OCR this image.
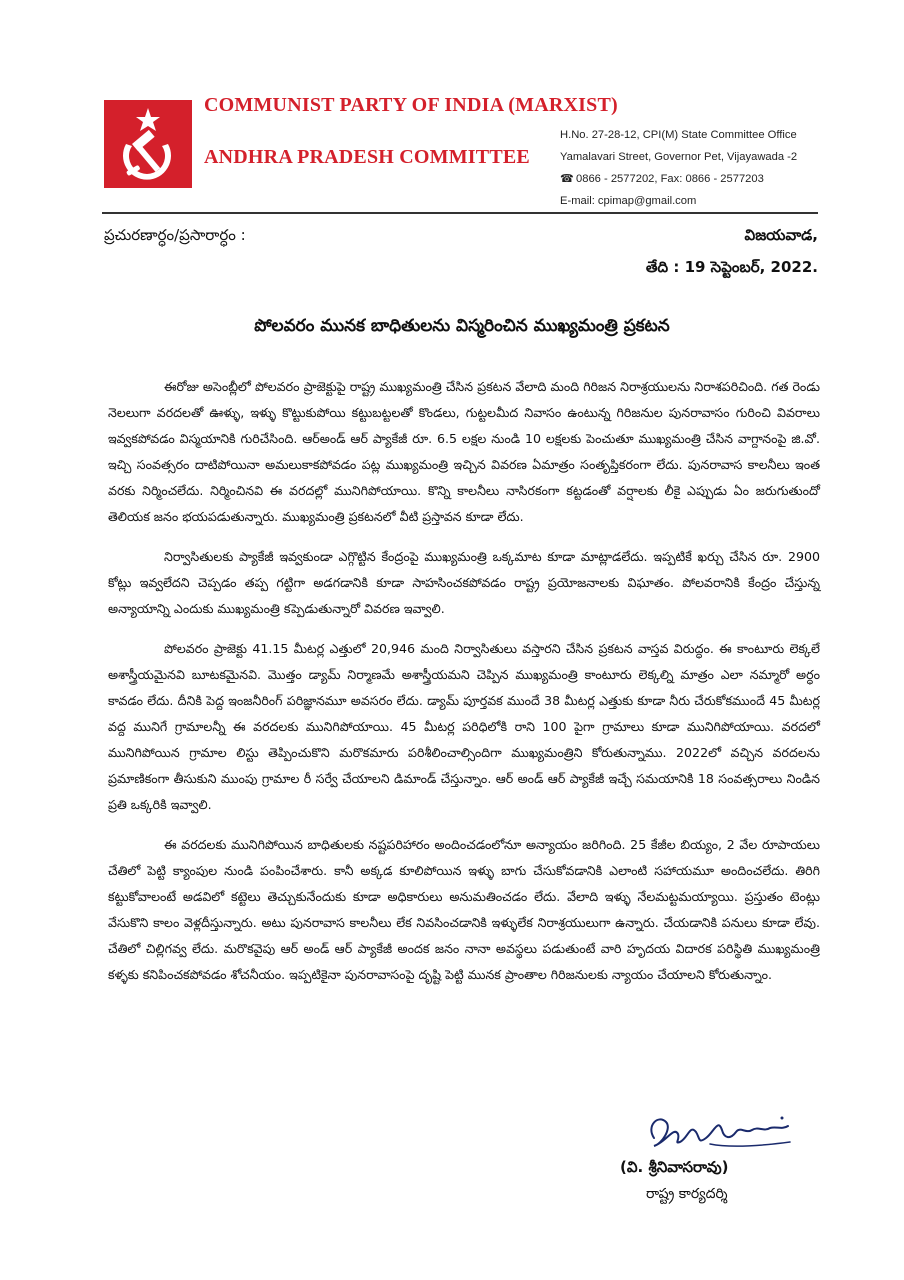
COMMUNIST PARTY OF INDIA (MARXIST)
ANDHRA PRADESH COMMITTEE
H.No. 27-28-12, CPI(M) State Committee Office
Yamalavari Street, Governor Pet, Vijayawada -2
☎ 0866 - 2577202, Fax: 0866 - 2577203
E-mail: cpimap@gmail.com
ప్రచురణార్ధం/ప్రసారార్ధం :	విజయవాడ,
తేది : 19 సెప్టెంబర్, 2022.
పోలవరం మునక బాధితులను విస్మరించిన ముఖ్యమంత్రి ప్రకటన

ఈరోజు అసెంబ్లీలో పోలవరం ప్రాజెక్టుపై రాష్ట్ర ముఖ్యమంత్రి చేసిన ప్రకటన వేలాది మంది గిరిజన నిరాశ్రయులను నిరాశపరిచింది. గత రెండు నెలలుగా వరదలతో ఊళ్ళు, ఇళ్ళు కొట్టుకుపోయి కట్టుబట్టలతో కొండలు, గుట్టలమీద నివాసం ఉంటున్న గిరిజనుల పునరావాసం గురించి వివరాలు ఇవ్వకపోవడం విస్మయానికి గురిచేసింది. ఆర్అండ్ ఆర్ ప్యాకేజీ రూ. 6.5 లక్షల నుండి 10 లక్షలకు పెంచుతూ ముఖ్యమంత్రి చేసిన వాగ్దానంపై జి.వో. ఇచ్చి సంవత్సరం దాటిపోయినా అమలుకాకపోవడం పట్ల ముఖ్యమంత్రి ఇచ్చిన వివరణ ఏమాత్రం సంతృప్తికరంగా లేదు. పునరావాస కాలనీలు ఇంత వరకు నిర్మించలేదు. నిర్మించినవి ఈ వరదల్లో మునిగిపోయాయి. కొన్ని కాలనీలు నాసిరకంగా కట్టడంతో వర్షాలకు లీకై ఎప్పుడు ఏం జరుగుతుందో తెలియక జనం భయపడుతున్నారు. ముఖ్యమంత్రి ప్రకటనలో వీటి ప్రస్తావన కూడా లేదు.

నిర్వాసితులకు ప్యాకేజీ ఇవ్వకుండా ఎగ్గొట్టిన కేంద్రంపై ముఖ్యమంత్రి ఒక్కమాట కూడా మాట్లాడలేదు. ఇప్పటికే ఖర్చు చేసిన రూ. 2900 కోట్లు ఇవ్వలేదని చెప్పడం తప్ప గట్టిగా అడగడానికి కూడా సాహసించకపోవడం రాష్ట్ర ప్రయోజనాలకు విఘాతం. పోలవరానికి కేంద్రం చేస్తున్న అన్యాయాన్ని ఎందుకు ముఖ్యమంత్రి కప్పెడుతున్నారో వివరణ ఇవ్వాలి.

పోలవరం ప్రాజెక్టు 41.15 మీటర్ల ఎత్తులో 20,946 మంది నిర్వాసితులు వస్తారని చేసిన ప్రకటన వాస్తవ విరుద్ధం. ఈ కాంటూరు లెక్కలే అశాస్త్రీయమైనవి బూటకమైనవి. మొత్తం డ్యామ్ నిర్మాణమే అశాస్త్రీయమని చెప్పిన ముఖ్యమంత్రి కాంటూరు లెక్కల్ని మాత్రం ఎలా నమ్మారో అర్ధం కావడం లేదు. దీనికి పెద్ద ఇంజనీరింగ్ పరిజ్ఞానమూ అవసరం లేదు. డ్యామ్ పూర్తవక ముందే 38 మీటర్ల ఎత్తుకు కూడా నీరు చేరుకోకముందే 45 మీటర్ల వద్ద మునిగే గ్రామాలన్నీ ఈ వరదలకు మునిగిపోయాయి. 45 మీటర్ల పరిధిలోకి రాని 100 పైగా గ్రామాలు కూడా మునిగిపోయాయి. వరదలో మునిగిపోయిన గ్రామాల లిస్టు తెప్పించుకొని మరొకమారు పరిశీలించాల్సిందిగా ముఖ్యమంత్రిని కోరుతున్నాము. 2022లో వచ్చిన వరదలను ప్రమాణికంగా తీసుకుని ముంపు గ్రామాల రీ సర్వే చేయాలని డిమాండ్ చేస్తున్నాం. ఆర్ అండ్ ఆర్ ప్యాకేజీ ఇచ్చే సమయానికి 18 సంవత్సరాలు నిండిన ప్రతి ఒక్కరికి ఇవ్వాలి.

ఈ వరదలకు మునిగిపోయిన బాధితులకు నష్టపరిహారం అందించడంలోనూ అన్యాయం జరిగింది. 25 కేజీల బియ్యం, 2 వేల రూపాయలు చేతిలో పెట్టి క్యాంపుల నుండి పంపించేశారు. కానీ అక్కడ కూలిపోయిన ఇళ్ళు బాగు చేసుకోవడానికి ఎలాంటి సహాయమూ అందించలేదు. తిరిగి కట్టుకోవాలంటే అడవిలో కట్టెలు తెచ్చుకునేందుకు కూడా అధికారులు అనుమతించడం లేదు. వేలాది ఇళ్ళు నేలమట్టమయ్యాయి. ప్రస్తుతం టెంట్లు వేసుకొని కాలం వెళ్లదీస్తున్నారు. అటు పునరావాస కాలనీలు లేక నివసించడానికి ఇళ్ళులేక నిరాశ్రయులుగా ఉన్నారు. చేయడానికి పనులు కూడా లేవు. చేతిలో చిల్లిగవ్వ లేదు. మరొకవైపు ఆర్ అండ్ ఆర్ ప్యాకేజీ అందక జనం నానా అవస్థలు పడుతుంటే వారి హృదయ విదారక పరిస్థితి ముఖ్యమంత్రి కళ్ళకు కనిపించకపోవడం శోచనీయం. ఇప్పటికైనా పునరావాసంపై దృష్టి పెట్టి మునక ప్రాంతాల గిరిజనులకు న్యాయం చేయాలని కోరుతున్నాం.

(వి. శ్రీనివాసరావు)
రాష్ట్ర కార్యదర్శి
